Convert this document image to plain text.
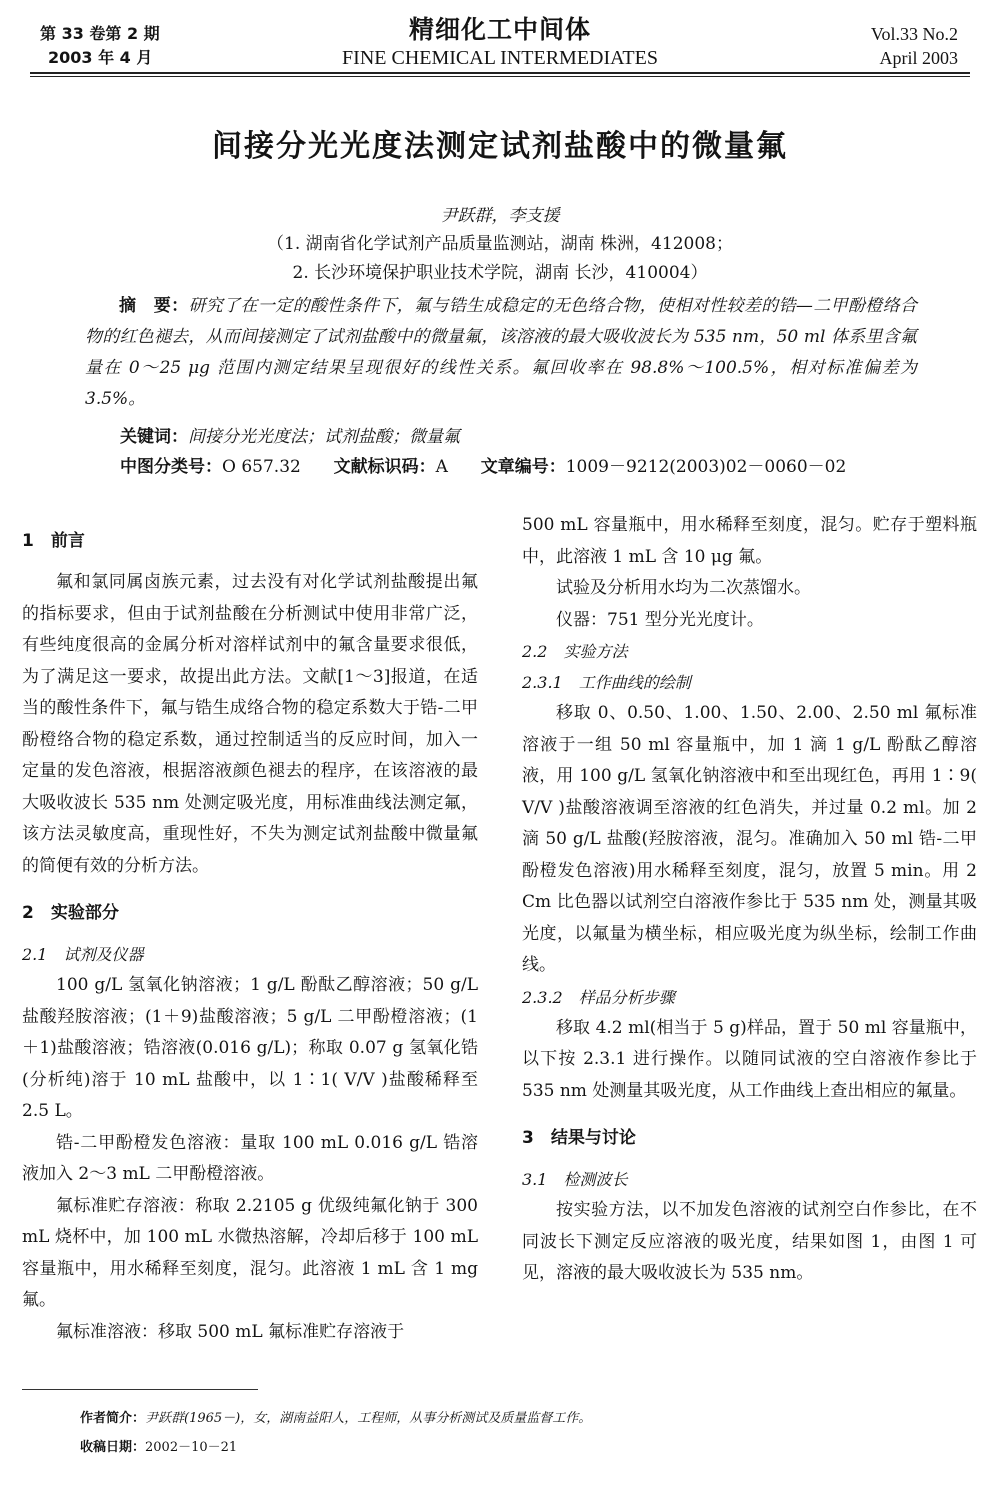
第 33 卷第 2 期
2003 年 4 月
精细化工中间体
FINE CHEMICAL INTERMEDIATES
Vol.33 No.2
April 2003
间接分光光度法测定试剂盐酸中的微量氟
尹跃群，李支援
（1. 湖南省化学试剂产品质量监测站，湖南 株洲，412008；
2. 长沙环境保护职业技术学院，湖南 长沙，410004）
摘　要：研究了在一定的酸性条件下，氟与锆生成稳定的无色络合物，使相对性较差的锆—二甲酚橙络合物的红色褪去，从而间接测定了试剂盐酸中的微量氟，该溶液的最大吸收波长为 535 nm，50 ml 体系里含氟量在 0～25 μg 范围内测定结果呈现很好的线性关系。氟回收率在 98.8%～100.5%，相对标准偏差为 3.5%。
关键词：间接分光光度法；试剂盐酸；微量氟
中图分类号：O 657.32 文献标识码：A 文章编号：1009－9212(2003)02－0060－02
1　前言

氟和氯同属卤族元素，过去没有对化学试剂盐酸提出氟的指标要求，但由于试剂盐酸在分析测试中使用非常广泛，有些纯度很高的金属分析对溶样试剂中的氟含量要求很低，为了满足这一要求，故提出此方法。文献[1～3]报道，在适当的酸性条件下，氟与锆生成络合物的稳定系数大于锆-二甲酚橙络合物的稳定系数，通过控制适当的反应时间，加入一定量的发色溶液，根据溶液颜色褪去的程序，在该溶液的最大吸收波长 535 nm 处测定吸光度，用标准曲线法测定氟，该方法灵敏度高，重现性好，不失为测定试剂盐酸中微量氟的简便有效的分析方法。

2　实验部分
2.1　试剂及仪器

100 g/L 氢氧化钠溶液；1 g/L 酚酞乙醇溶液；50 g/L 盐酸羟胺溶液；(1＋9)盐酸溶液；5 g/L 二甲酚橙溶液；(1＋1)盐酸溶液；锆溶液(0.016 g/L)；称取 0.07 g 氢氧化锆(分析纯)溶于 10 mL 盐酸中，以 1∶1( V/V )盐酸稀释至 2.5 L。

锆-二甲酚橙发色溶液：量取 100 mL 0.016 g/L 锆溶液加入 2～3 mL 二甲酚橙溶液。

氟标准贮存溶液：称取 2.2105 g 优级纯氟化钠于 300 mL 烧杯中，加 100 mL 水微热溶解，冷却后移于 100 mL 容量瓶中，用水稀释至刻度，混匀。此溶液 1 mL 含 1 mg 氟。

氟标准溶液：移取 500 mL 氟标准贮存溶液于

500 mL 容量瓶中，用水稀释至刻度，混匀。贮存于塑料瓶中，此溶液 1 mL 含 10 μg 氟。

试验及分析用水均为二次蒸馏水。

仪器：751 型分光光度计。

2.2　实验方法
2.3.1　工作曲线的绘制

移取 0、0.50、1.00、1.50、2.00、2.50 ml 氟标准溶液于一组 50 ml 容量瓶中，加 1 滴 1 g/L 酚酞乙醇溶液，用 100 g/L 氢氧化钠溶液中和至出现红色，再用 1∶9( V/V )盐酸溶液调至溶液的红色消失，并过量 0.2 ml。加 2 滴 50 g/L 盐酸(羟胺溶液，混匀。准确加入 50 ml 锆-二甲酚橙发色溶液)用水稀释至刻度，混匀，放置 5 min。用 2 Cm 比色器以试剂空白溶液作参比于 535 nm 处，测量其吸光度，以氟量为横坐标，相应吸光度为纵坐标，绘制工作曲线。

2.3.2　样品分析步骤

移取 4.2 ml(相当于 5 g)样品，置于 50 ml 容量瓶中，以下按 2.3.1 进行操作。以随同试液的空白溶液作参比于 535 nm 处测量其吸光度，从工作曲线上查出相应的氟量。

3　结果与讨论
3.1　检测波长

按实验方法，以不加发色溶液的试剂空白作参比，在不同波长下测定反应溶液的吸光度，结果如图 1，由图 1 可见，溶液的最大吸收波长为 535 nm。

作者简介：尹跃群(1965－)，女，湖南益阳人，工程师，从事分析测试及质量监督工作。
收稿日期：2002－10－21
